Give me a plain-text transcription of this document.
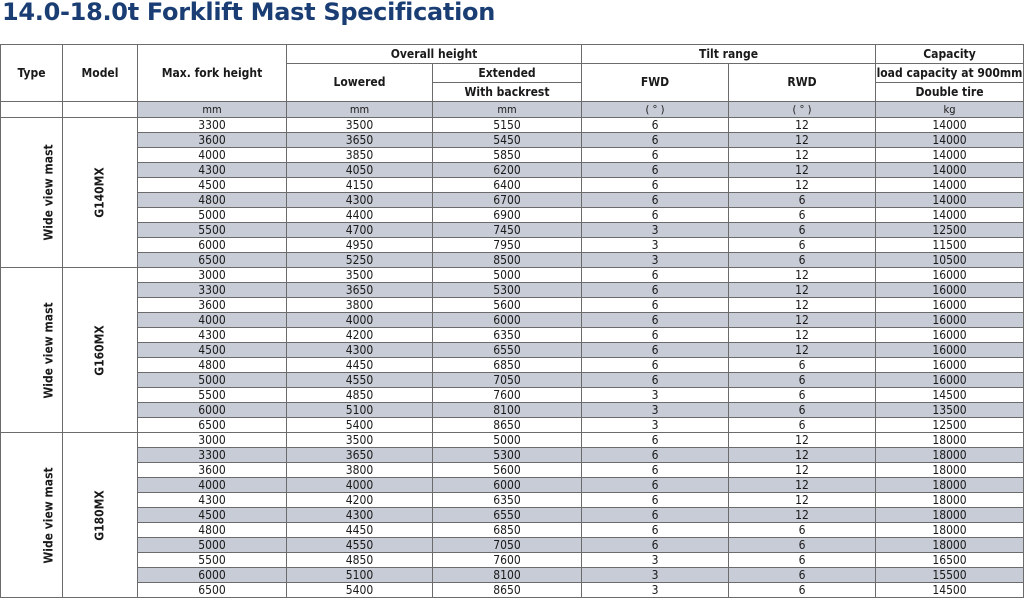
14.0-18.0t Forklift Mast Specification
Type	Model	Max. fork height	Overall height		Tilt range		Capacity
			Lowered	Extended	FWD	RWD	load capacity at 900mm
				With backrest			Double tire
		mm	mm	mm	( ° )	( ° )	kg
Wide view mast	G140MX	3300	3500	5150	6	12	14000
		3600	3650	5450	6	12	14000
		4000	3850	5850	6	12	14000
		4300	4050	6200	6	12	14000
		4500	4150	6400	6	12	14000
		4800	4300	6700	6	6	14000
		5000	4400	6900	6	6	14000
		5500	4700	7450	3	6	12500
		6000	4950	7950	3	6	11500
		6500	5250	8500	3	6	10500
Wide view mast	G160MX	3000	3500	5000	6	12	16000
		3300	3650	5300	6	12	16000
		3600	3800	5600	6	12	16000
		4000	4000	6000	6	12	16000
		4300	4200	6350	6	12	16000
		4500	4300	6550	6	12	16000
		4800	4450	6850	6	6	16000
		5000	4550	7050	6	6	16000
		5500	4850	7600	3	6	14500
		6000	5100	8100	3	6	13500
		6500	5400	8650	3	6	12500
Wide view mast	G180MX	3000	3500	5000	6	12	18000
		3300	3650	5300	6	12	18000
		3600	3800	5600	6	12	18000
		4000	4000	6000	6	12	18000
		4300	4200	6350	6	12	18000
		4500	4300	6550	6	12	18000
		4800	4450	6850	6	6	18000
		5000	4550	7050	6	6	18000
		5500	4850	7600	3	6	16500
		6000	5100	8100	3	6	15500
		6500	5400	8650	3	6	14500
